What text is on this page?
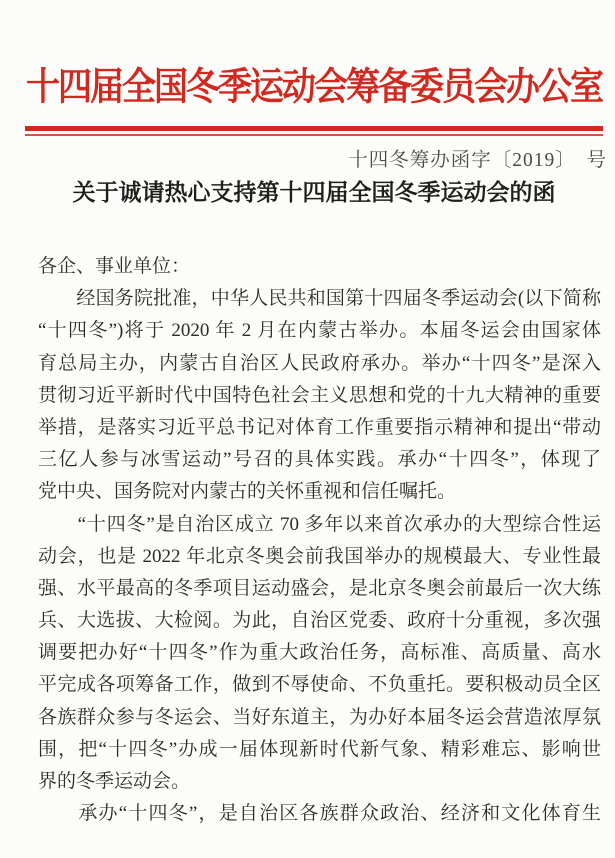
十四届全国冬季运动会筹备委员会办公室
十四冬筹办函字〔2019〕　号
关于诚请热心支持第十四届全国冬季运动会的函

各企、事业单位：

　　经国务院批准，中华人民共和国第十四届冬季运动会(以下简称

“十四冬”)将于 2020 年 2 月在内蒙古举办。本届冬运会由国家体

育总局主办，内蒙古自治区人民政府承办。举办“十四冬”是深入

贯彻习近平新时代中国特色社会主义思想和党的十九大精神的重要

举措，是落实习近平总书记对体育工作重要指示精神和提出“带动

三亿人参与冰雪运动”号召的具体实践。承办“十四冬”，体现了

党中央、国务院对内蒙古的关怀重视和信任嘱托。

　　“十四冬”是自治区成立 70 多年以来首次承办的大型综合性运

动会，也是 2022 年北京冬奥会前我国举办的规模最大、专业性最

强、水平最高的冬季项目运动盛会，是北京冬奥会前最后一次大练

兵、大选拔、大检阅。为此，自治区党委、政府十分重视，多次强

调要把办好“十四冬”作为重大政治任务，高标准、高质量、高水

平完成各项筹备工作，做到不辱使命、不负重托。要积极动员全区

各族群众参与冬运会、当好东道主，为办好本届冬运会营造浓厚氛

围，把“十四冬”办成一届体现新时代新气象、精彩难忘、影响世

界的冬季运动会。

　　承办“十四冬”，是自治区各族群众政治、经济和文化体育生
